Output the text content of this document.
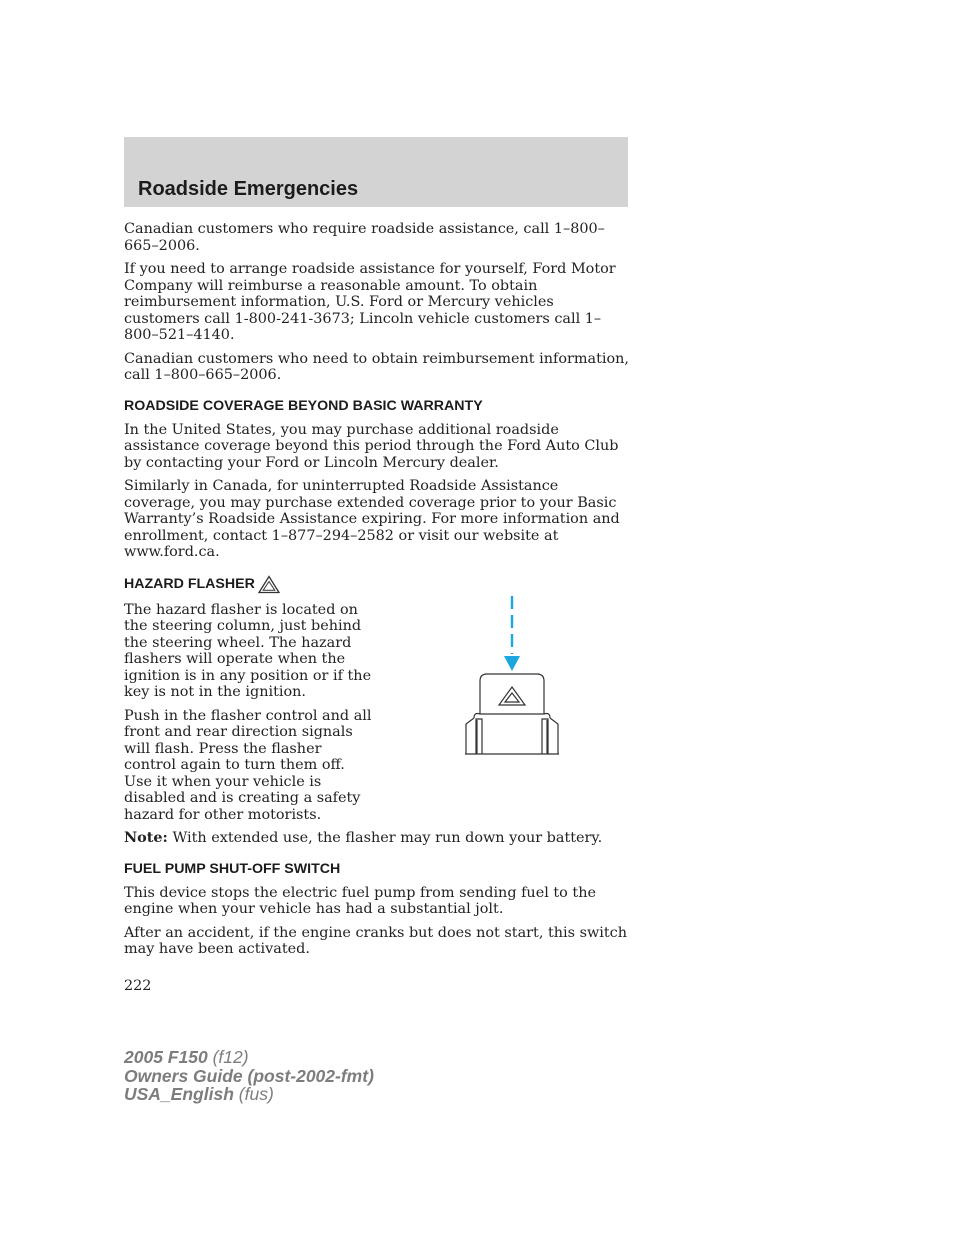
Roadside Emergencies

Canadian customers who require roadside assistance, call 1–800–665–2006.

If you need to arrange roadside assistance for yourself, Ford Motor Company will reimburse a reasonable amount. To obtain reimbursement information, U.S. Ford or Mercury vehicles customers call 1-800-241-3673; Lincoln vehicle customers call 1–800–521–4140.

Canadian customers who need to obtain reimbursement information, call 1–800–665–2006.

ROADSIDE COVERAGE BEYOND BASIC WARRANTY

In the United States, you may purchase additional roadside assistance coverage beyond this period through the Ford Auto Club by contacting your Ford or Lincoln Mercury dealer.

Similarly in Canada, for uninterrupted Roadside Assistance coverage, you may purchase extended coverage prior to your Basic Warranty’s Roadside Assistance expiring. For more information and enrollment, contact 1–877–294–2582 or visit our website at www.ford.ca.

HAZARD FLASHER

The hazard flasher is located on the steering column, just behind the steering wheel. The hazard flashers will operate when the ignition is in any position or if the key is not in the ignition.

Push in the flasher control and all front and rear direction signals will flash. Press the flasher control again to turn them off. Use it when your vehicle is disabled and is creating a safety hazard for other motorists.

Note: With extended use, the flasher may run down your battery.

FUEL PUMP SHUT-OFF SWITCH

This device stops the electric fuel pump from sending fuel to the engine when your vehicle has had a substantial jolt.

After an accident, if the engine cranks but does not start, this switch may have been activated.

222
2005 F150 (f12)
Owners Guide (post-2002-fmt)
USA_English (fus)
